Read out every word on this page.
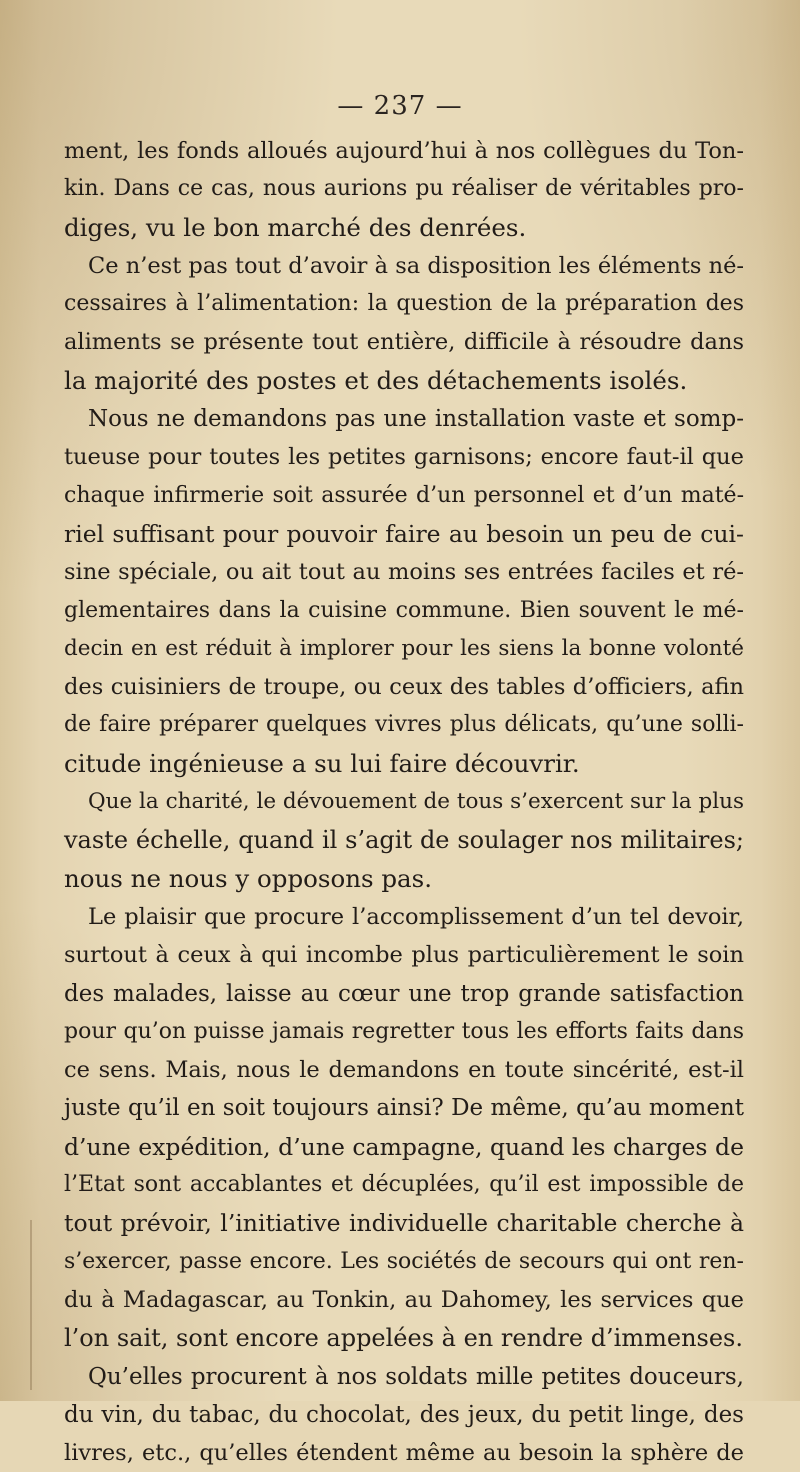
— 237 —
ment, les fonds alloués aujourd’hui à nos collègues du Ton-
kin. Dans ce cas, nous aurions pu réaliser de véritables pro-
diges, vu le bon marché des denrées.
Ce n’est pas tout d’avoir à sa disposition les éléments né-
cessaires à l’alimentation: la question de la préparation des
aliments se présente tout entière, difficile à résoudre dans
la majorité des postes et des détachements isolés.
Nous ne demandons pas une installation vaste et somp-
tueuse pour toutes les petites garnisons; encore faut-il que
chaque infirmerie soit assurée d’un personnel et d’un maté-
riel suffisant pour pouvoir faire au besoin un peu de cui-
sine spéciale, ou ait tout au moins ses entrées faciles et ré-
glementaires dans la cuisine commune. Bien souvent le mé-
decin en est réduit à implorer pour les siens la bonne volonté
des cuisiniers de troupe, ou ceux des tables d’officiers, afin
de faire préparer quelques vivres plus délicats, qu’une solli-
citude ingénieuse a su lui faire découvrir.
Que la charité, le dévouement de tous s’exercent sur la plus
vaste échelle, quand il s’agit de soulager nos militaires;
nous ne nous y opposons pas.
Le plaisir que procure l’accomplissement d’un tel devoir,
surtout à ceux à qui incombe plus particulièrement le soin
des malades, laisse au cœur une trop grande satisfaction
pour qu’on puisse jamais regretter tous les efforts faits dans
ce sens. Mais, nous le demandons en toute sincérité, est-il
juste qu’il en soit toujours ainsi? De même, qu’au moment
d’une expédition, d’une campagne, quand les charges de
l’Etat sont accablantes et décuplées, qu’il est impossible de
tout prévoir, l’initiative individuelle charitable cherche à
s’exercer, passe encore. Les sociétés de secours qui ont ren-
du à Madagascar, au Tonkin, au Dahomey, les services que
l’on sait, sont encore appelées à en rendre d’immenses.
Qu’elles procurent à nos soldats mille petites douceurs,
du vin, du tabac, du chocolat, des jeux, du petit linge, des
livres, etc., qu’elles étendent même au besoin la sphère de
